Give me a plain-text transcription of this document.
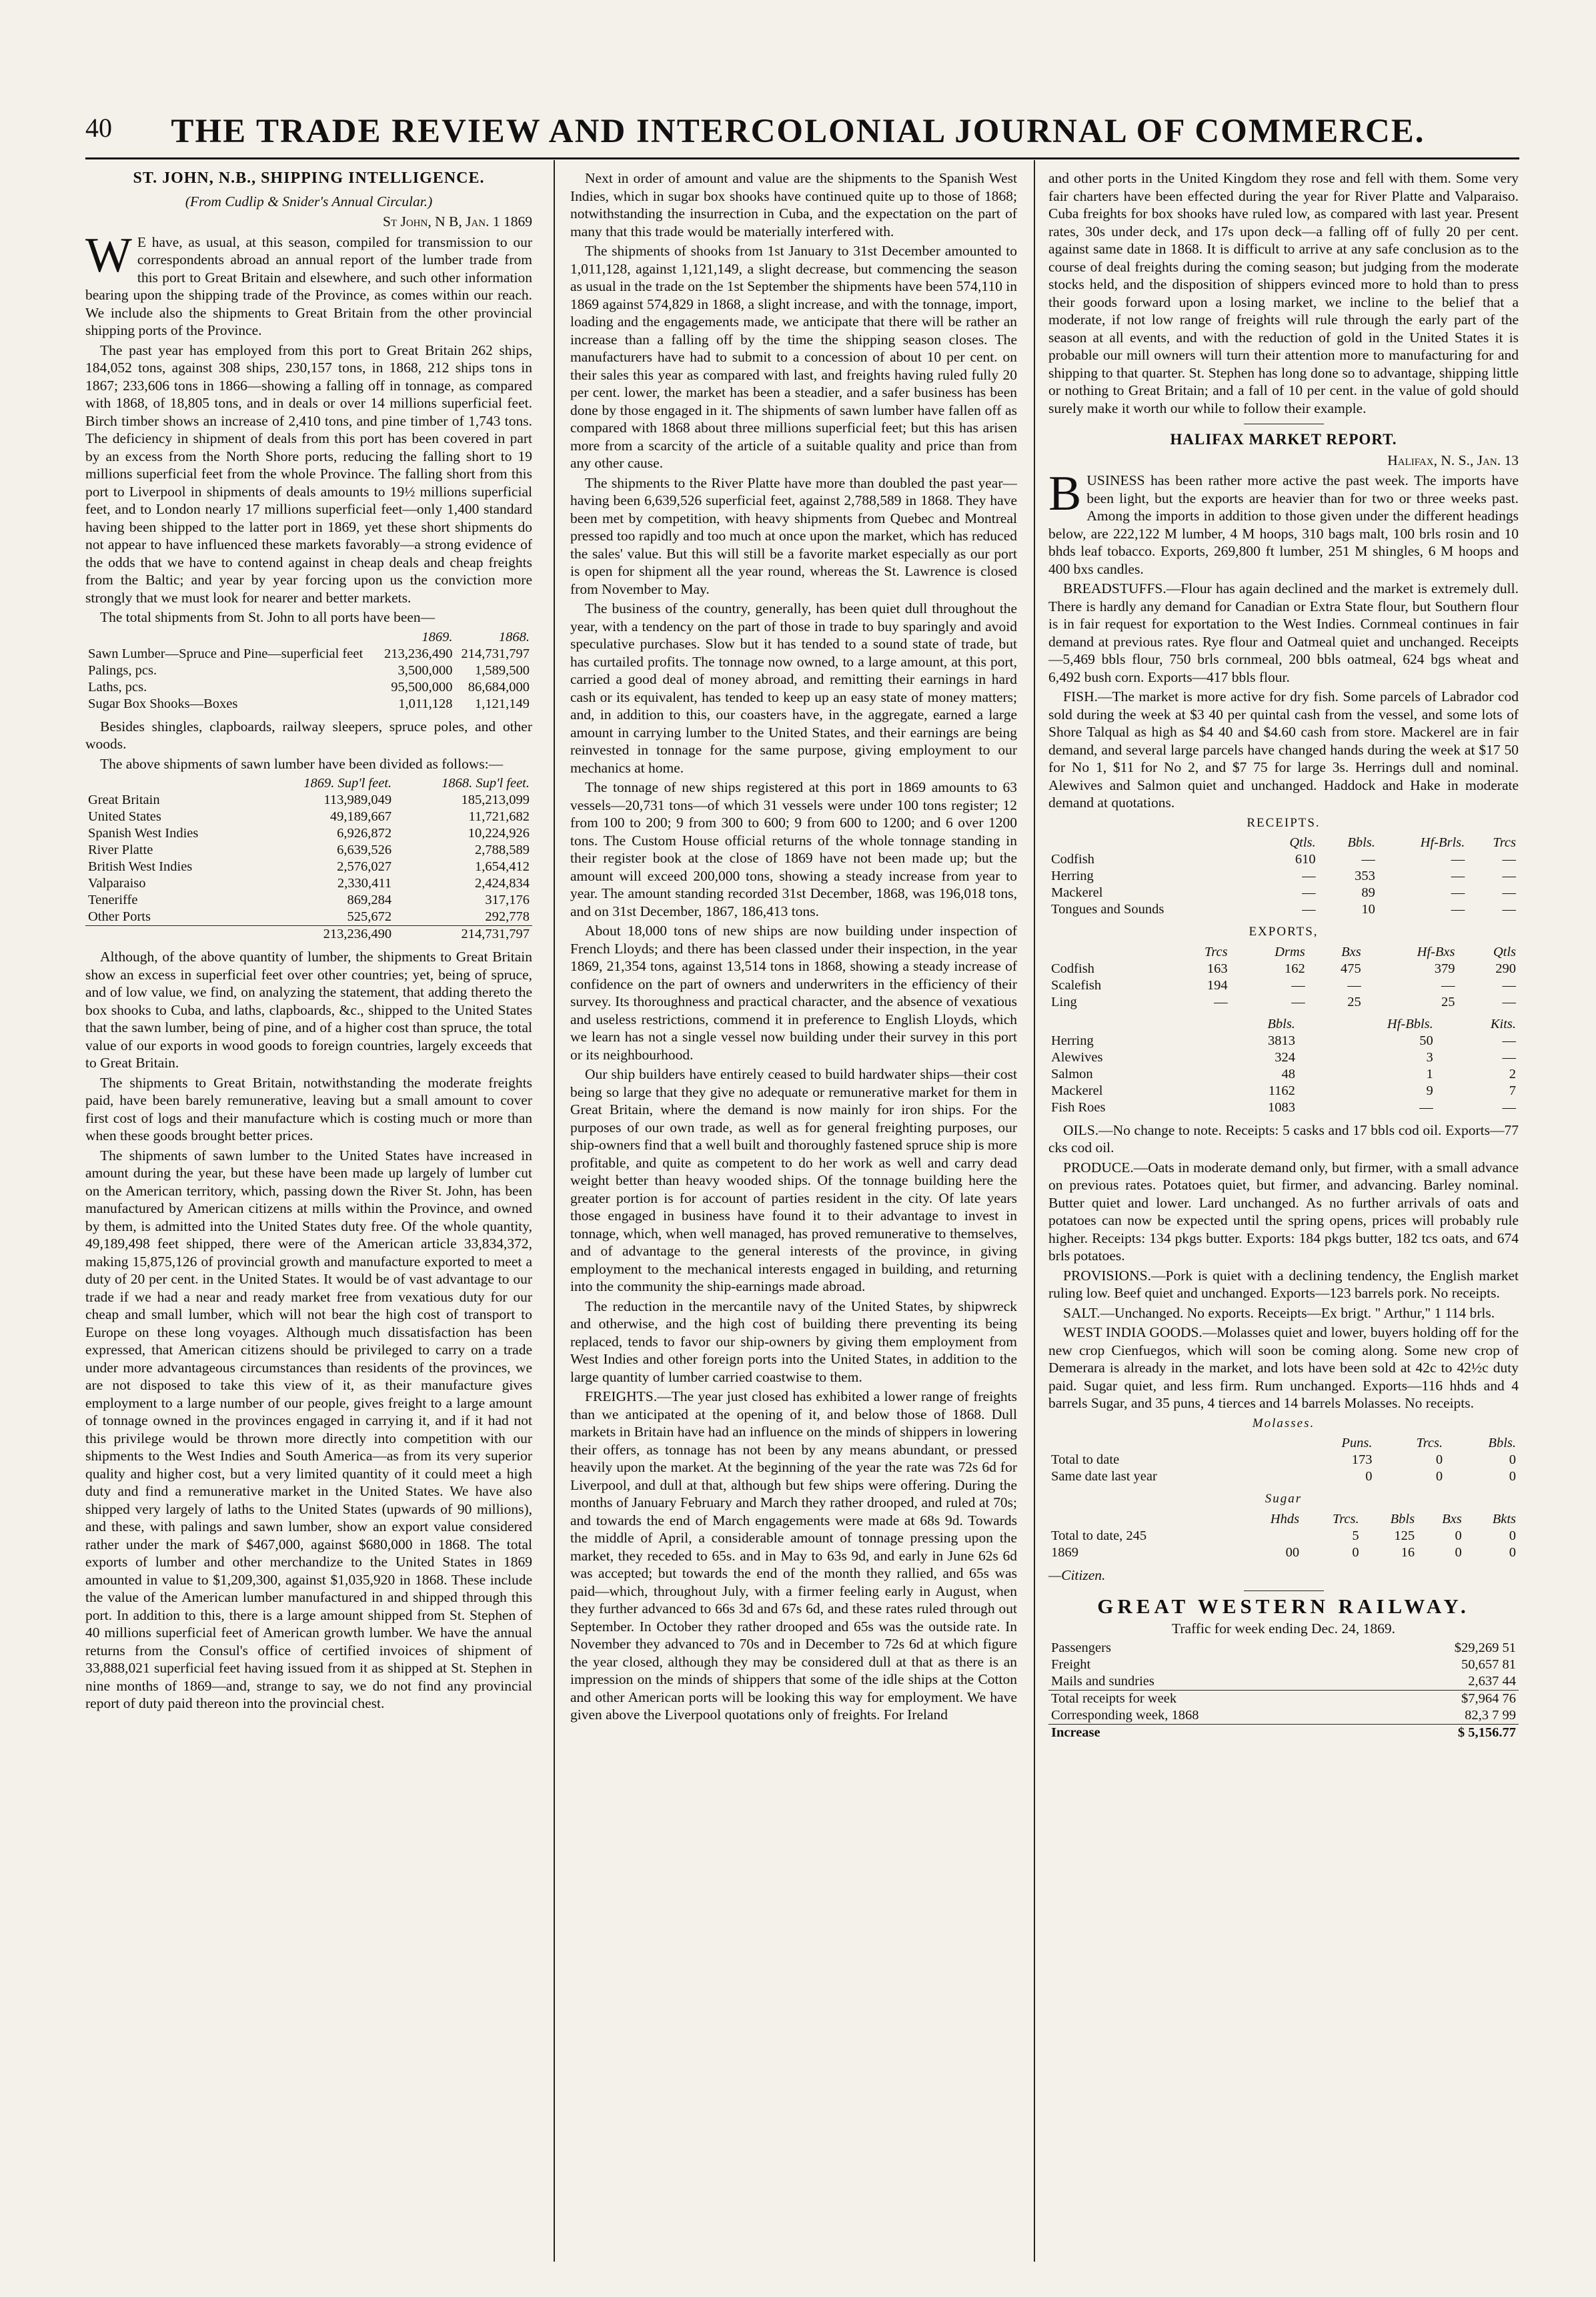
40	THE TRADE REVIEW AND INTERCOLONIAL JOURNAL OF COMMERCE.
ST. JOHN, N.B., SHIPPING INTELLIGENCE.
(From Cudlip & Snider's Annual Circular.)
St John, N B, Jan. 1 1869

W E have, as usual, at this season, compiled for transmission to our correspondents abroad an annual report of the lumber trade from this port to Great Britain and elsewhere, and such other information bearing upon the shipping trade of the Province, as comes within our reach. We include also the shipments to Great Britain from the other provincial shipping ports of the Province.

The past year has employed from this port to Great Britain 262 ships, 184,052 tons, against 308 ships, 230,157 tons, in 1868, 212 ships tons in 1867; 233,606 tons in 1866—showing a falling off in tonnage, as compared with 1868, of 18,805 tons, and in deals or over 14 millions superficial feet. Birch timber shows an increase of 2,410 tons, and pine timber of 1,743 tons. The deficiency in shipment of deals from this port has been covered in part by an excess from the North Shore ports, reducing the falling short to 19 millions superficial feet from the whole Province. The falling short from this port to Liverpool in shipments of deals amounts to 19½ millions superficial feet, and to London nearly 17 millions superficial feet—only 1,400 standard having been shipped to the latter port in 1869, yet these short shipments do not appear to have influenced these markets favorably—a strong evidence of the odds that we have to contend against in cheap deals and cheap freights from the Baltic; and year by year forcing upon us the conviction more strongly that we must look for nearer and better markets.

The total shipments from St. John to all ports have been—

	1869.	1868.
Sawn Lumber—Spruce and Pine—superficial feet	213,236,490	214,731,797
Palings, pcs.	3,500,000	1,589,500
Laths, pcs.	95,500,000	86,684,000
Sugar Box Shooks—Boxes	1,011,128	1,121,149

Besides shingles, clapboards, railway sleepers, spruce poles, and other woods.

The above shipments of sawn lumber have been divided as follows:—

	1869. Sup'l feet.	1868. Sup'l feet.
Great Britain	113,989,049	185,213,099
United States	49,189,667	11,721,682
Spanish West Indies	6,926,872	10,224,926
River Platte	6,639,526	2,788,589
British West Indies	2,576,027	1,654,412
Valparaiso	2,330,411	2,424,834
Teneriffe	869,284	317,176
Other Ports	525,672	292,778
	213,236,490	214,731,797

Although, of the above quantity of lumber, the shipments to Great Britain show an excess in superficial feet over other countries; yet, being of spruce, and of low value, we find, on analyzing the statement, that adding thereto the box shooks to Cuba, and laths, clapboards, &c., shipped to the United States that the sawn lumber, being of pine, and of a higher cost than spruce, the total value of our exports in wood goods to foreign countries, largely exceeds that to Great Britain.

The shipments to Great Britain, notwithstanding the moderate freights paid, have been barely remunerative, leaving but a small amount to cover first cost of logs and their manufacture which is costing much or more than when these goods brought better prices.

The shipments of sawn lumber to the United States have increased in amount during the year, but these have been made up largely of lumber cut on the American territory, which, passing down the River St. John, has been manufactured by American citizens at mills within the Province, and owned by them, is admitted into the United States duty free. Of the whole quantity, 49,189,498 feet shipped, there were of the American article 33,834,372, making 15,875,126 of provincial growth and manufacture exported to meet a duty of 20 per cent. in the United States. It would be of vast advantage to our trade if we had a near and ready market free from vexatious duty for our cheap and small lumber, which will not bear the high cost of transport to Europe on these long voyages. Although much dissatisfaction has been expressed, that American citizens should be privileged to carry on a trade under more advantageous circumstances than residents of the provinces, we are not disposed to take this view of it, as their manufacture gives employment to a large number of our people, gives freight to a large amount of tonnage owned in the provinces engaged in carrying it, and if it had not this privilege would be thrown more directly into competition with our shipments to the West Indies and South America—as from its very superior quality and higher cost, but a very limited quantity of it could meet a high duty and find a remunerative market in the United States. We have also shipped very largely of laths to the United States (upwards of 90 millions), and these, with palings and sawn lumber, show an export value considered rather under the mark of $467,000, against $680,000 in 1868. The total exports of lumber and other merchandize to the United States in 1869 amounted in value to $1,209,300, against $1,035,920 in 1868. These include the value of the American lumber manufactured in and shipped through this port. In addition to this, there is a large amount shipped from St. Stephen of 40 millions superficial feet of American growth lumber. We have the annual returns from the Consul's office of certified invoices of shipment of 33,888,021 superficial feet having issued from it as shipped at St. Stephen in nine months of 1869—and, strange to say, we do not find any provincial report of duty paid thereon into the provincial chest.

Next in order of amount and value are the shipments to the Spanish West Indies, which in sugar box shooks have continued quite up to those of 1868; notwithstanding the insurrection in Cuba, and the expectation on the part of many that this trade would be materially interfered with.

The shipments of shooks from 1st January to 31st December amounted to 1,011,128, against 1,121,149, a slight decrease, but commencing the season as usual in the trade on the 1st September the shipments have been 574,110 in 1869 against 574,829 in 1868, a slight increase, and with the tonnage, import, loading and the engagements made, we anticipate that there will be rather an increase than a falling off by the time the shipping season closes. The manufacturers have had to submit to a concession of about 10 per cent. on their sales this year as compared with last, and freights having ruled fully 20 per cent. lower, the market has been a steadier, and a safer business has been done by those engaged in it. The shipments of sawn lumber have fallen off as compared with 1868 about three millions superficial feet; but this has arisen more from a scarcity of the article of a suitable quality and price than from any other cause.

The shipments to the River Platte have more than doubled the past year—having been 6,639,526 superficial feet, against 2,788,589 in 1868. They have been met by competition, with heavy shipments from Quebec and Montreal pressed too rapidly and too much at once upon the market, which has reduced the sales' value. But this will still be a favorite market especially as our port is open for shipment all the year round, whereas the St. Lawrence is closed from November to May.

The business of the country, generally, has been quiet dull throughout the year, with a tendency on the part of those in trade to buy sparingly and avoid speculative purchases. Slow but it has tended to a sound state of trade, but has curtailed profits. The tonnage now owned, to a large amount, at this port, carried a good deal of money abroad, and remitting their earnings in hard cash or its equivalent, has tended to keep up an easy state of money matters; and, in addition to this, our coasters have, in the aggregate, earned a large amount in carrying lumber to the United States, and their earnings are being reinvested in tonnage for the same purpose, giving employment to our mechanics at home.

The tonnage of new ships registered at this port in 1869 amounts to 63 vessels—20,731 tons—of which 31 vessels were under 100 tons register; 12 from 100 to 200; 9 from 300 to 600; 9 from 600 to 1200; and 6 over 1200 tons. The Custom House official returns of the whole tonnage standing in their register book at the close of 1869 have not been made up; but the amount will exceed 200,000 tons, showing a steady increase from year to year. The amount standing recorded 31st December, 1868, was 196,018 tons, and on 31st December, 1867, 186,413 tons.

About 18,000 tons of new ships are now building under inspection of French Lloyds; and there has been classed under their inspection, in the year 1869, 21,354 tons, against 13,514 tons in 1868, showing a steady increase of confidence on the part of owners and underwriters in the efficiency of their survey. Its thoroughness and practical character, and the absence of vexatious and useless restrictions, commend it in preference to English Lloyds, which we learn has not a single vessel now building under their survey in this port or its neighbourhood.

Our ship builders have entirely ceased to build hardwater ships—their cost being so large that they give no adequate or remunerative market for them in Great Britain, where the demand is now mainly for iron ships. For the purposes of our own trade, as well as for general freighting purposes, our ship-owners find that a well built and thoroughly fastened spruce ship is more profitable, and quite as competent to do her work as well and carry dead weight better than heavy wooded ships. Of the tonnage building here the greater portion is for account of parties resident in the city. Of late years those engaged in business have found it to their advantage to invest in tonnage, which, when well managed, has proved remunerative to themselves, and of advantage to the general interests of the province, in giving employment to the mechanical interests engaged in building, and returning into the community the ship-earnings made abroad.

The reduction in the mercantile navy of the United States, by shipwreck and otherwise, and the high cost of building there preventing its being replaced, tends to favor our ship-owners by giving them employment from West Indies and other foreign ports into the United States, in addition to the large quantity of lumber carried coastwise to them.

FREIGHTS.—The year just closed has exhibited a lower range of freights than we anticipated at the opening of it, and below those of 1868. Dull markets in Britain have had an influence on the minds of shippers in lowering their offers, as tonnage has not been by any means abundant, or pressed heavily upon the market. At the beginning of the year the rate was 72s 6d for Liverpool, and dull at that, although but few ships were offering. During the months of January February and March they rather drooped, and ruled at 70s; and towards the end of March engagements were made at 68s 9d. Towards the middle of April, a considerable amount of tonnage pressing upon the market, they receded to 65s. and in May to 63s 9d, and early in June 62s 6d was accepted; but towards the end of the month they rallied, and 65s was paid—which, throughout July, with a firmer feeling early in August, when they further advanced to 66s 3d and 67s 6d, and these rates ruled through out September. In October they rather drooped and 65s was the outside rate. In November they advanced to 70s and in December to 72s 6d at which figure the year closed, although they may be considered dull at that as there is an impression on the minds of shippers that some of the idle ships at the Cotton and other American ports will be looking this way for employment. We have given above the Liverpool quotations only of freights. For Ireland

and other ports in the United Kingdom they rose and fell with them. Some very fair charters have been effected during the year for River Platte and Valparaiso. Cuba freights for box shooks have ruled low, as compared with last year. Present rates, 30s under deck, and 17s upon deck—a falling off of fully 20 per cent. against same date in 1868. It is difficult to arrive at any safe conclusion as to the course of deal freights during the coming season; but judging from the moderate stocks held, and the disposition of shippers evinced more to hold than to press their goods forward upon a losing market, we incline to the belief that a moderate, if not low range of freights will rule through the early part of the season at all events, and with the reduction of gold in the United States it is probable our mill owners will turn their attention more to manufacturing for and shipping to that quarter. St. Stephen has long done so to advantage, shipping little or nothing to Great Britain; and a fall of 10 per cent. in the value of gold should surely make it worth our while to follow their example.

HALIFAX MARKET REPORT.
Halifax, N. S., Jan. 13

BUSINESS has been rather more active the past week. The imports have been light, but the exports are heavier than for two or three weeks past. Among the imports in addition to those given under the different headings below, are 222,122 M lumber, 4 M hoops, 310 bags malt, 100 brls rosin and 10 bhds leaf tobacco. Exports, 269,800 ft lumber, 251 M shingles, 6 M hoops and 400 bxs candles.

BREADSTUFFS.—Flour has again declined and the market is extremely dull. There is hardly any demand for Canadian or Extra State flour, but Southern flour is in fair request for exportation to the West Indies. Cornmeal continues in fair demand at previous rates. Rye flour and Oatmeal quiet and unchanged. Receipts—5,469 bbls flour, 750 brls cornmeal, 200 bbls oatmeal, 624 bgs wheat and 6,492 bush corn. Exports—417 bbls flour.

FISH.—The market is more active for dry fish. Some parcels of Labrador cod sold during the week at $3 40 per quintal cash from the vessel, and some lots of Shore Talqual as high as $4 40 and $4.60 cash from store. Mackerel are in fair demand, and several large parcels have changed hands during the week at $17 50 for No 1, $11 for No 2, and $7 75 for large 3s. Herrings dull and nominal. Alewives and Salmon quiet and unchanged. Haddock and Hake in moderate demand at quotations.

RECEIPTS.
	Qtls.	Bbls.	Hf-Brls.	Trcs
Codfish	610	—	—	—
Herring	—	353	—	—
Mackerel	—	89	—	—
Tongues and Sounds	—	10	—	—
EXPORTS,
	Trcs	Drms	Bxs	Hf-Bxs	Qtls
Codfish	163	162	475	379	290
Scalefish	194	—	—	—	—
Ling	—	—	25	25	—
	Bbls.	Hf-Bbls.	Kits.
Herring	3813	50	—
Alewives	324	3	—
Salmon	48	1	2
Mackerel	1162	9	7
Fish Roes	1083	—	—

OILS.—No change to note. Receipts: 5 casks and 17 bbls cod oil. Exports—77 cks cod oil.

PRODUCE.—Oats in moderate demand only, but firmer, with a small advance on previous rates. Potatoes quiet, but firmer, and advancing. Barley nominal. Butter quiet and lower. Lard unchanged. As no further arrivals of oats and potatoes can now be expected until the spring opens, prices will probably rule higher. Receipts: 134 pkgs butter. Exports: 184 pkgs butter, 182 tcs oats, and 674 brls potatoes.

PROVISIONS.—Pork is quiet with a declining tendency, the English market ruling low. Beef quiet and unchanged. Exports—123 barrels pork. No receipts.

SALT.—Unchanged. No exports. Receipts—Ex brigt. " Arthur," 1 114 brls.

WEST INDIA GOODS.—Molasses quiet and lower, buyers holding off for the new crop Cienfuegos, which will soon be coming along. Some new crop of Demerara is already in the market, and lots have been sold at 42c to 42½c duty paid. Sugar quiet, and less firm. Rum unchanged. Exports—116 hhds and 4 barrels Sugar, and 35 puns, 4 tierces and 14 barrels Molasses. No receipts.

Molasses.
	Puns.	Trcs.	Bbls.
Total to date	173	0	0
Same date last year	0	0	0
Sugar
	Hhds	Trcs.	Bbls	Bxs	Bkts
Total to date, 245		5	125	0	0
1869	00	0	16	0	0
—Citizen.
GREAT WESTERN RAILWAY.
Traffic for week ending Dec. 24, 1869.
Passengers	$29,269 51
Freight	50,657 81
Mails and sundries	2,637 44
Total receipts for week	$7,964 76
Corresponding week, 1868	82,3 7 99
Increase	$ 5,156.77
